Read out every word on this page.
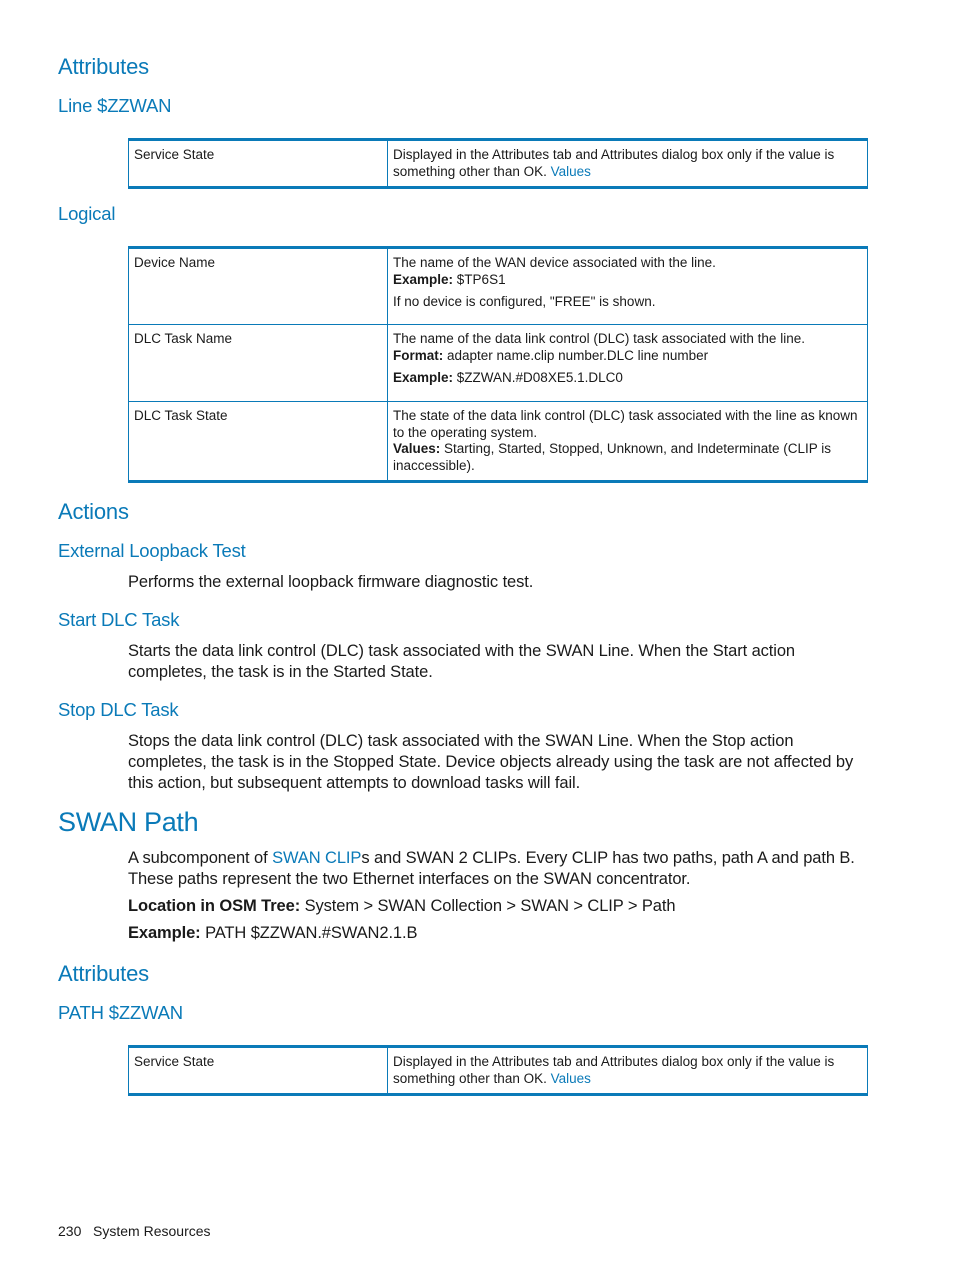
Attributes
Line $ZZWAN
Service State	Displayed in the Attributes tab and Attributes dialog box only if the value is something other than OK. Values
Logical
Device Name	The name of the WAN device associated with the line.

Example: $TP6S1

If no device is configured, "FREE" is shown.

DLC Task Name	The name of the data link control (DLC) task associated with the line.

Format: adapter name.clip number.DLC line number

Example: $ZZWAN.#D08XE5.1.DLC0

DLC Task State	The state of the data link control (DLC) task associated with the line as known to the operating system.

Values: Starting, Started, Stopped, Unknown, and Indeterminate (CLIP is inaccessible).

Actions
External Loopback Test

Performs the external loopback firmware diagnostic test.

Start DLC Task

Starts the data link control (DLC) task associated with the SWAN Line. When the Start action completes, the task is in the Started State.

Stop DLC Task

Stops the data link control (DLC) task associated with the SWAN Line. When the Stop action completes, the task is in the Stopped State. Device objects already using the task are not affected by this action, but subsequent attempts to download tasks will fail.

SWAN Path

A subcomponent of SWAN CLIPs and SWAN 2 CLIPs. Every CLIP has two paths, path A and path B. These paths represent the two Ethernet interfaces on the SWAN concentrator.

Location in OSM Tree: System > SWAN Collection > SWAN > CLIP > Path

Example: PATH $ZZWAN.#SWAN2.1.B

Attributes
PATH $ZZWAN
Service State	Displayed in the Attributes tab and Attributes dialog box only if the value is something other than OK. Values
230 System Resources
